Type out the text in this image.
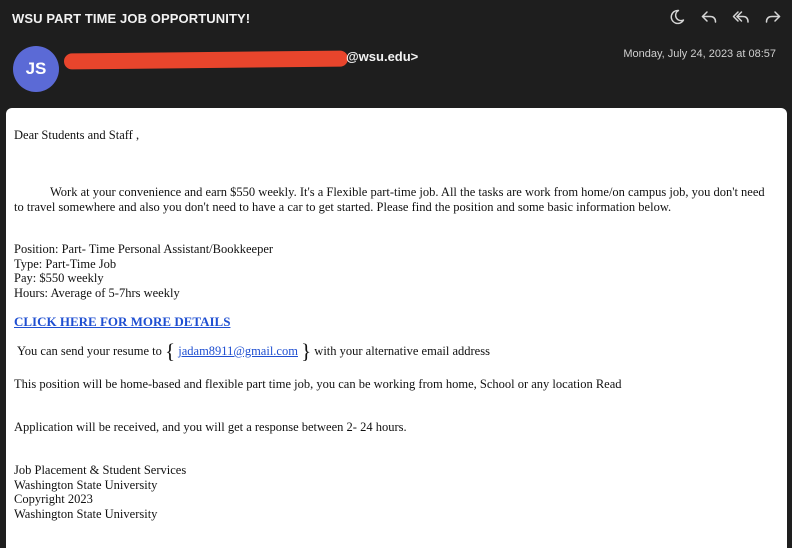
WSU PART TIME JOB OPPORTUNITY!
JS
@wsu.edu>	Monday, July 24, 2023 at 08:57

Dear Students and Staff ,

Work at your convenience and earn $550 weekly. It's a Flexible part-time job. All the tasks are work from home/on campus job, you don't need to travel somewhere and also you don't need to have a car to get started. Please find the position and some basic information below.

Position: Part- Time Personal Assistant/Bookkeeper
Type: Part-Time Job
Pay: $550 weekly
Hours: Average of 5-7hrs weekly

CLICK HERE FOR MORE DETAILS

You can send your resume to { jadam8911@gmail.com } with your alternative email address

This position will be home-based and flexible part time job, you can be working from home, School or any location Read

Application will be received, and you will get a response between 2- 24 hours.

Job Placement & Student Services
Washington State University
Copyright 2023
Washington State University
